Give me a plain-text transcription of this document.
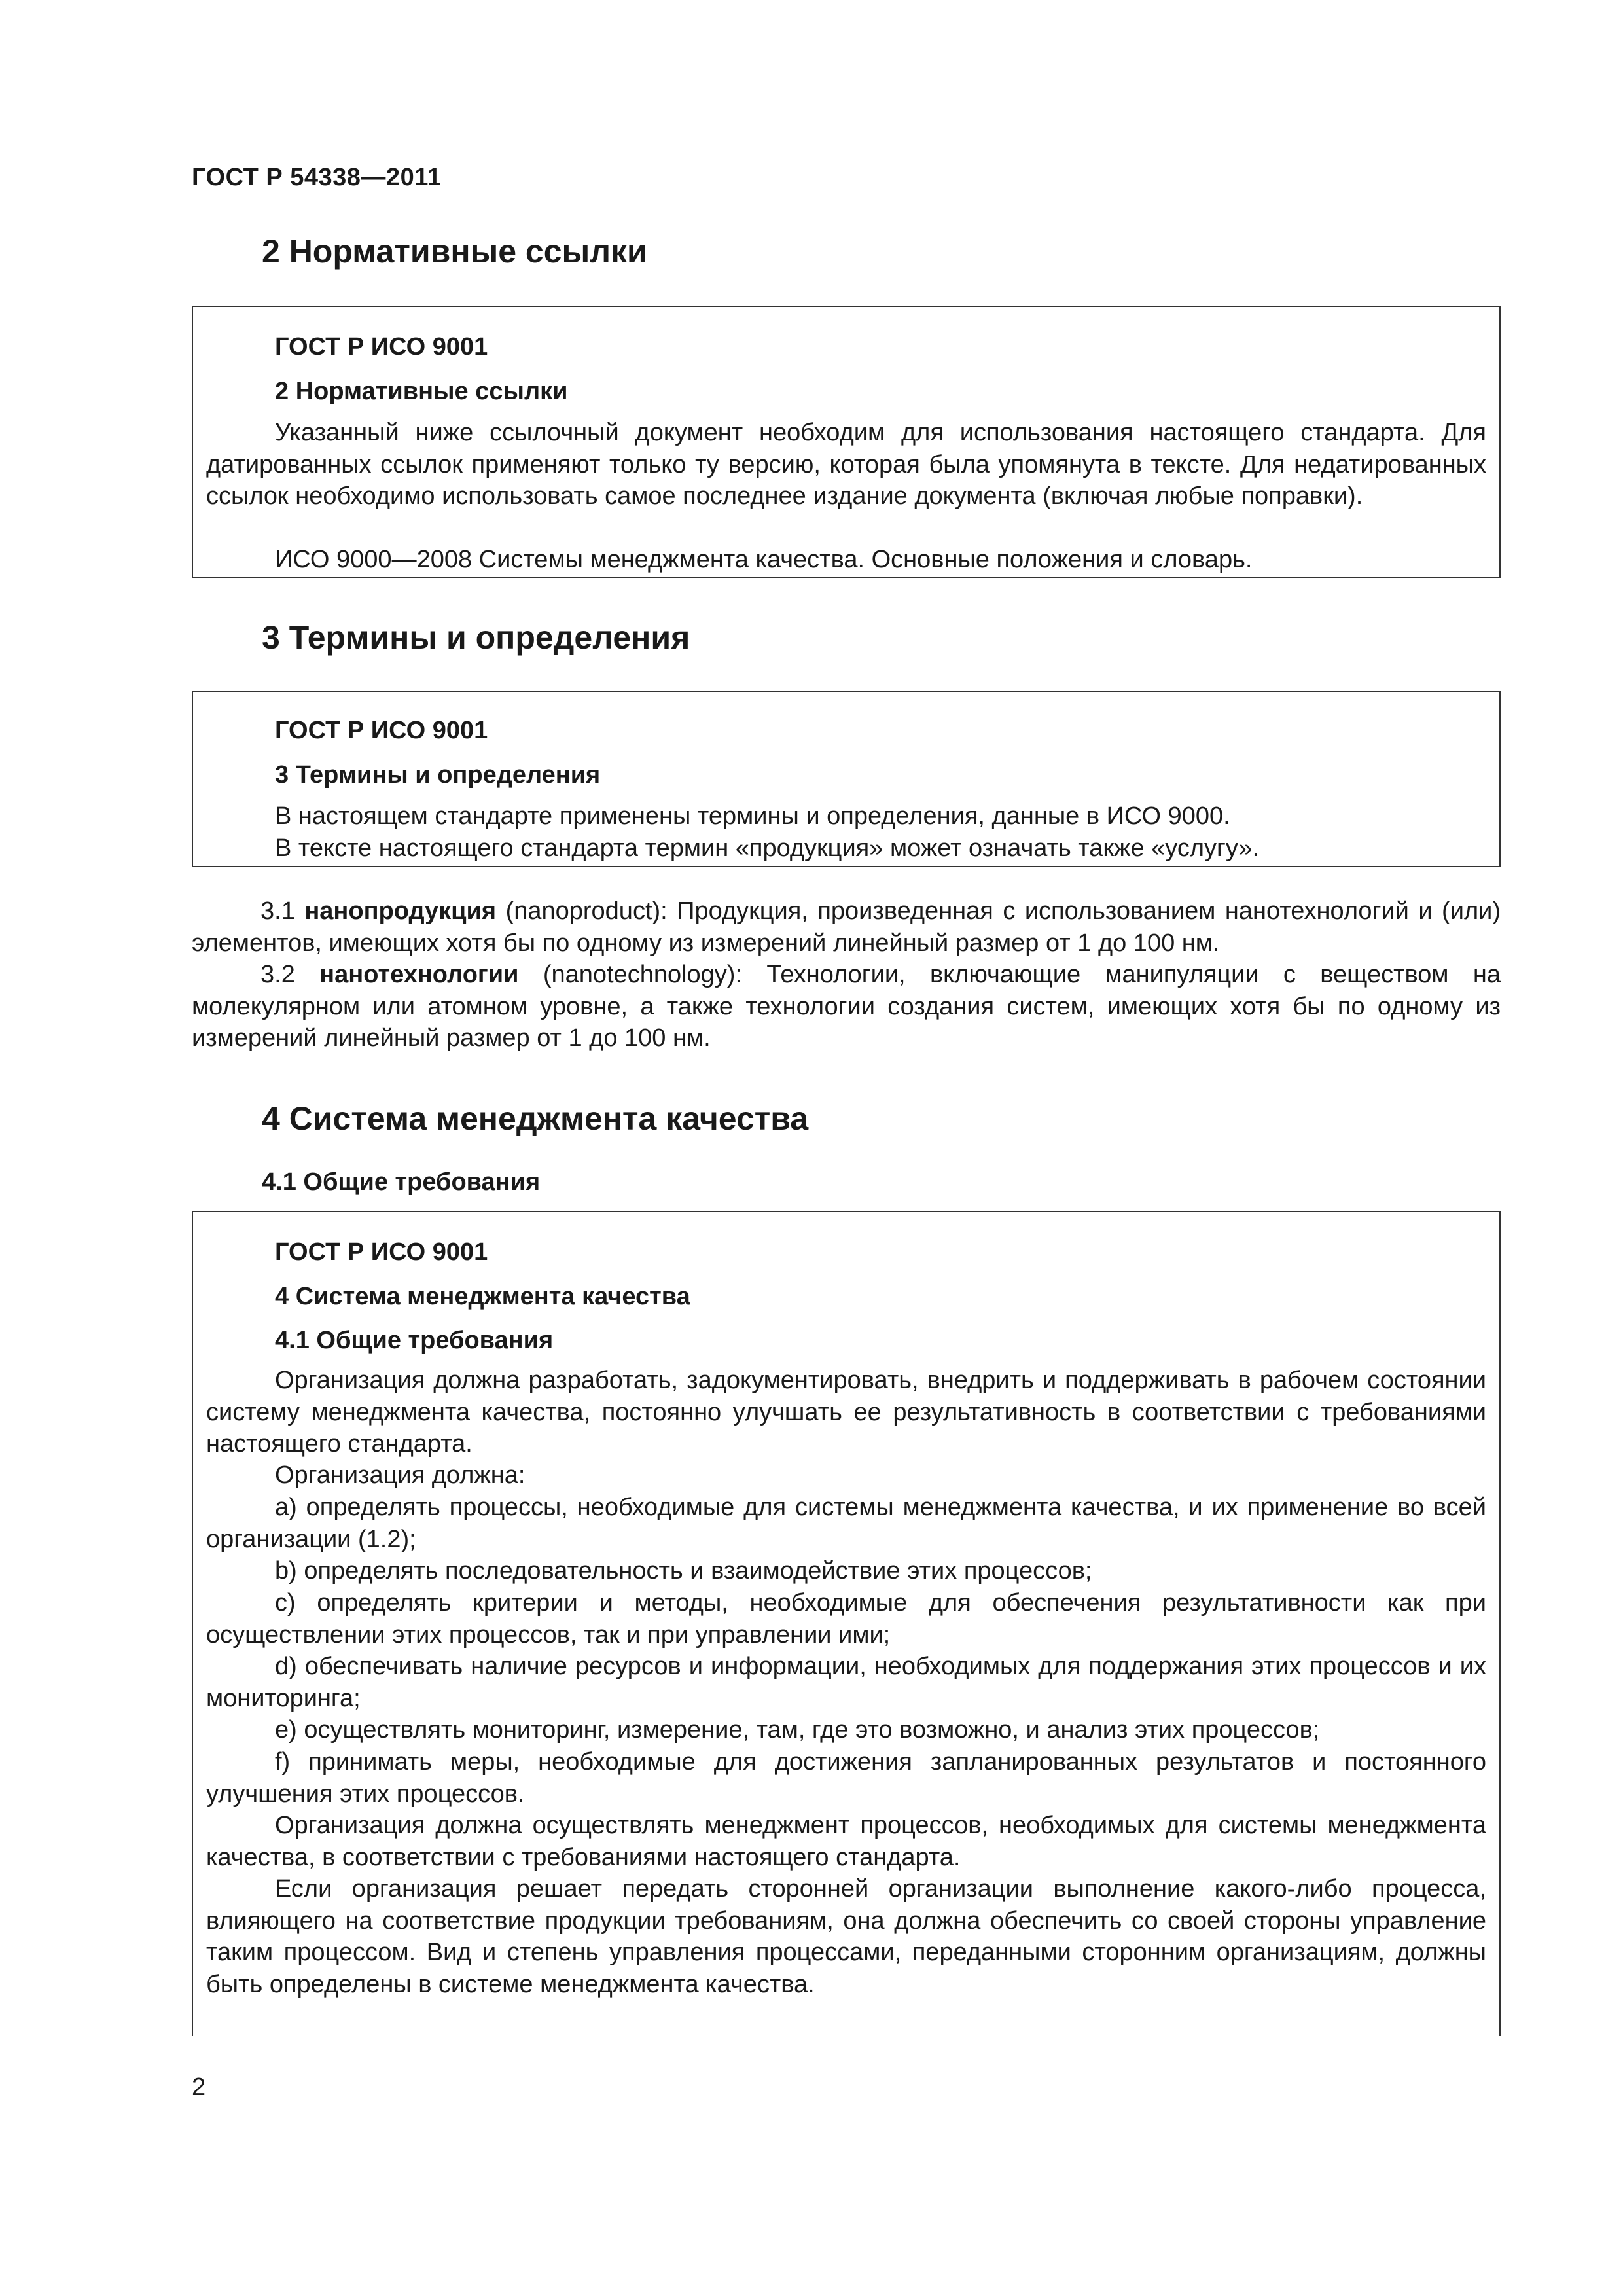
ГОСТ Р 54338—2011
2 Нормативные ссылки
ГОСТ Р ИСО 9001
2 Нормативные ссылки

Указанный ниже ссылочный документ необходим для использования настоящего стандарта. Для датированных ссылок применяют только ту версию, которая была упомянута в тексте. Для недатированных ссылок необходимо использовать самое последнее издание документа (включая любые поправки).

ИСО 9000—2008 Системы менеджмента качества. Основные положения и словарь.

3 Термины и определения
ГОСТ Р ИСО 9001
3 Термины и определения

В настоящем стандарте применены термины и определения, данные в ИСО 9000.

В тексте настоящего стандарта термин «продукция» может означать также «услугу».

3.1 нанопродукция (nanoproduct): Продукция, произведенная с использованием нанотехнологий и (или) элементов, имеющих хотя бы по одному из измерений линейный размер от 1 до 100 нм.

3.2 нанотехнологии (nanotechnology): Технологии, включающие манипуляции с веществом на молекулярном или атомном уровне, а также технологии создания систем, имеющих хотя бы по одному из измерений линейный размер от 1 до 100 нм.

4 Система менеджмента качества
4.1 Общие требования
ГОСТ Р ИСО 9001
4 Система менеджмента качества
4.1 Общие требования

Организация должна разработать, задокументировать, внедрить и поддерживать в рабочем состоянии систему менеджмента качества, постоянно улучшать ее результативность в соответствии с требованиями настоящего стандарта.

Организация должна:

a) определять процессы, необходимые для системы менеджмента качества, и их применение во всей организации (1.2);

b) определять последовательность и взаимодействие этих процессов;

c) определять критерии и методы, необходимые для обеспечения результативности как при осуществлении этих процессов, так и при управлении ими;

d) обеспечивать наличие ресурсов и информации, необходимых для поддержания этих процессов и их мониторинга;

e) осуществлять мониторинг, измерение, там, где это возможно, и анализ этих процессов;

f) принимать меры, необходимые для достижения запланированных результатов и постоянного улучшения этих процессов.

Организация должна осуществлять менеджмент процессов, необходимых для системы менеджмента качества, в соответствии с требованиями настоящего стандарта.

Если организация решает передать сторонней организации выполнение какого-либо процесса, влияющего на соответствие продукции требованиям, она должна обеспечить со своей стороны управление таким процессом. Вид и степень управления процессами, переданными сторонним организациям, должны быть определены в системе менеджмента качества.

2
